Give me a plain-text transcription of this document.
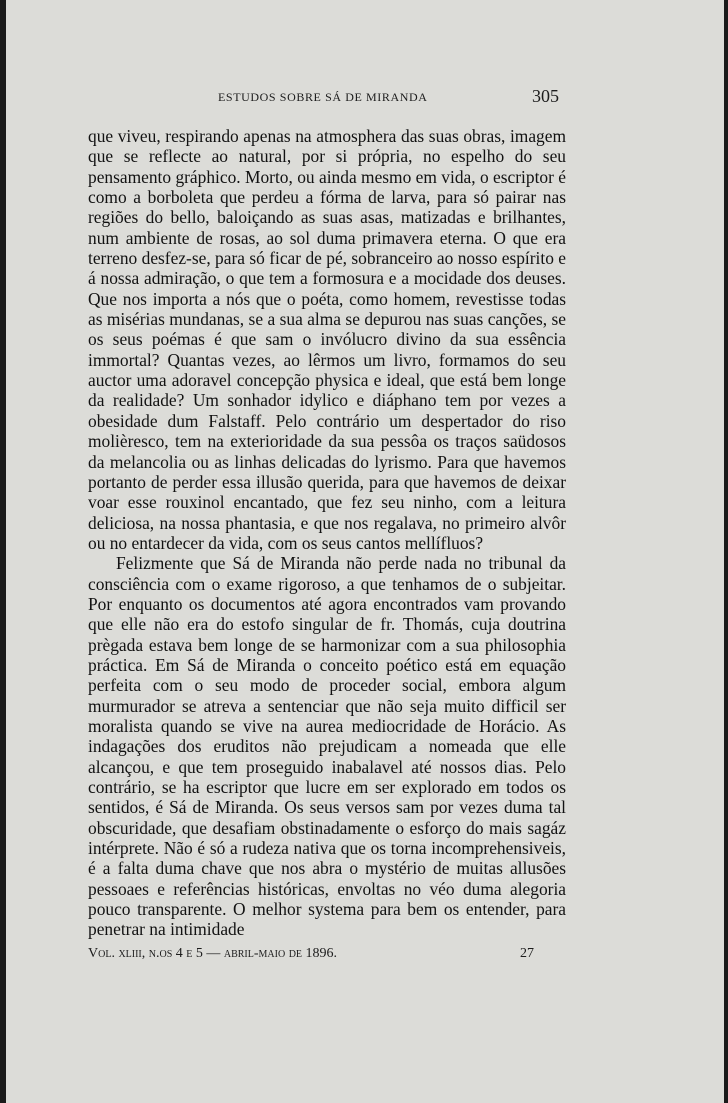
ESTUDOS SOBRE SÁ DE MIRANDA	305

que viveu, respirando apenas na atmosphera das suas obras, imagem que se reflecte ao natural, por si própria, no espelho do seu pensamento gráphico. Morto, ou ainda mesmo em vida, o escriptor é como a borboleta que perdeu a fórma de larva, para só pairar nas regiões do bello, baloiçando as suas asas, matizadas e brilhantes, num ambiente de rosas, ao sol duma primavera eterna. O que era terreno desfez-se, para só ficar de pé, sobranceiro ao nosso espírito e á nossa admiração, o que tem a formosura e a mocidade dos deuses. Que nos importa a nós que o poéta, como homem, revestisse todas as misérias mundanas, se a sua alma se depurou nas suas canções, se os seus poémas é que sam o invólucro divino da sua essência immortal? Quantas vezes, ao lêrmos um livro, formamos do seu auctor uma adoravel concepção physica e ideal, que está bem longe da realidade? Um sonhador idylico e diáphano tem por vezes a obesidade dum Falstaff. Pelo contrário um despertador do riso molièresco, tem na exterioridade da sua pessôa os traços saüdosos da melancolia ou as linhas delicadas do lyrismo. Para que havemos portanto de perder essa illusão querida, para que havemos de deixar voar esse rouxinol encantado, que fez seu ninho, com a leitura deliciosa, na nossa phantasia, e que nos regalava, no primeiro alvôr ou no entardecer da vida, com os seus cantos mellífluos?

Felizmente que Sá de Miranda não perde nada no tribunal da consciência com o exame rigoroso, a que tenhamos de o subjeitar. Por enquanto os documentos até agora encontrados vam provando que elle não era do estofo singular de fr. Thomás, cuja doutrina prègada estava bem longe de se harmonizar com a sua philosophia práctica. Em Sá de Miranda o conceito poético está em equação perfeita com o seu modo de proceder social, embora algum murmurador se atreva a sentenciar que não seja muito difficil ser moralista quando se vive na aurea mediocridade de Horácio. As indagações dos eruditos não prejudicam a nomeada que elle alcançou, e que tem proseguido inabalavel até nossos dias. Pelo contrário, se ha escriptor que lucre em ser explorado em todos os sentidos, é Sá de Miranda. Os seus versos sam por vezes duma tal obscuridade, que desafiam obstinadamente o esforço do mais sagáz intérprete. Não é só a rudeza nativa que os torna incomprehensiveis, é a falta duma chave que nos abra o mystério de muitas allusões pessoaes e referências históricas, envoltas no véo duma alegoria pouco transparente. O melhor systema para bem os entender, para penetrar na intimidade

Vol. xliii, n.os 4 e 5 — abril-maio de 1896.	27
